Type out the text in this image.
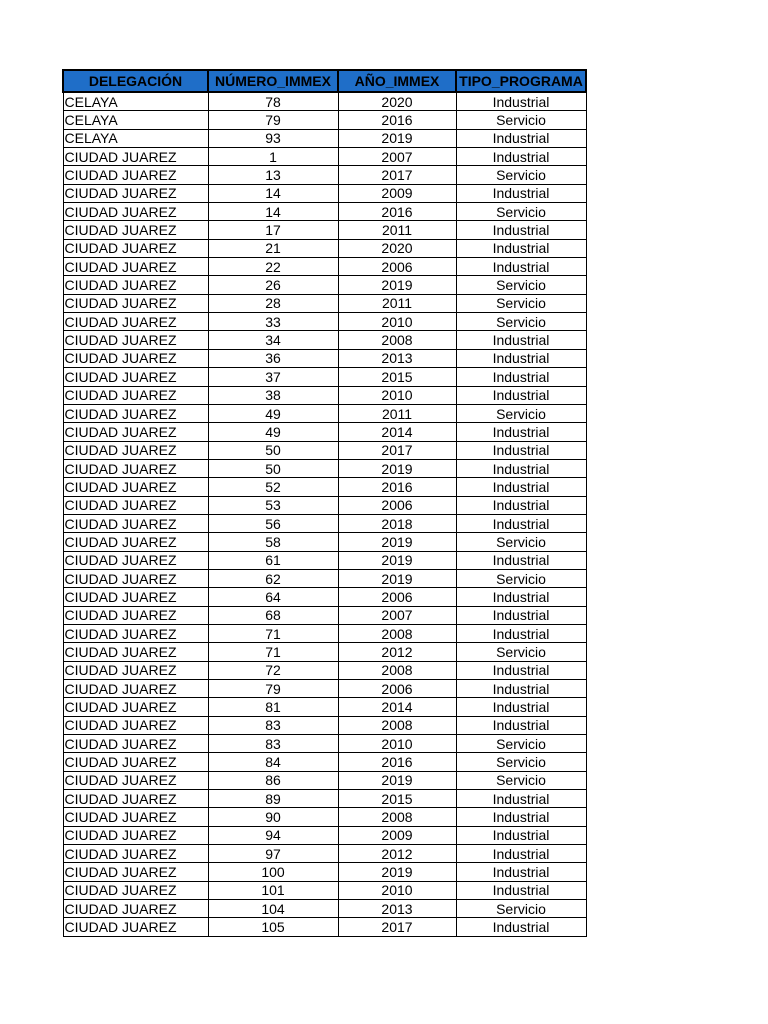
DELEGACIÓN	NÚMERO_IMMEX	AÑO_IMMEX	TIPO_PROGRAMA
CELAYA	78	2020	Industrial
CELAYA	79	2016	Servicio
CELAYA	93	2019	Industrial
CIUDAD JUAREZ	1	2007	Industrial
CIUDAD JUAREZ	13	2017	Servicio
CIUDAD JUAREZ	14	2009	Industrial
CIUDAD JUAREZ	14	2016	Servicio
CIUDAD JUAREZ	17	2011	Industrial
CIUDAD JUAREZ	21	2020	Industrial
CIUDAD JUAREZ	22	2006	Industrial
CIUDAD JUAREZ	26	2019	Servicio
CIUDAD JUAREZ	28	2011	Servicio
CIUDAD JUAREZ	33	2010	Servicio
CIUDAD JUAREZ	34	2008	Industrial
CIUDAD JUAREZ	36	2013	Industrial
CIUDAD JUAREZ	37	2015	Industrial
CIUDAD JUAREZ	38	2010	Industrial
CIUDAD JUAREZ	49	2011	Servicio
CIUDAD JUAREZ	49	2014	Industrial
CIUDAD JUAREZ	50	2017	Industrial
CIUDAD JUAREZ	50	2019	Industrial
CIUDAD JUAREZ	52	2016	Industrial
CIUDAD JUAREZ	53	2006	Industrial
CIUDAD JUAREZ	56	2018	Industrial
CIUDAD JUAREZ	58	2019	Servicio
CIUDAD JUAREZ	61	2019	Industrial
CIUDAD JUAREZ	62	2019	Servicio
CIUDAD JUAREZ	64	2006	Industrial
CIUDAD JUAREZ	68	2007	Industrial
CIUDAD JUAREZ	71	2008	Industrial
CIUDAD JUAREZ	71	2012	Servicio
CIUDAD JUAREZ	72	2008	Industrial
CIUDAD JUAREZ	79	2006	Industrial
CIUDAD JUAREZ	81	2014	Industrial
CIUDAD JUAREZ	83	2008	Industrial
CIUDAD JUAREZ	83	2010	Servicio
CIUDAD JUAREZ	84	2016	Servicio
CIUDAD JUAREZ	86	2019	Servicio
CIUDAD JUAREZ	89	2015	Industrial
CIUDAD JUAREZ	90	2008	Industrial
CIUDAD JUAREZ	94	2009	Industrial
CIUDAD JUAREZ	97	2012	Industrial
CIUDAD JUAREZ	100	2019	Industrial
CIUDAD JUAREZ	101	2010	Industrial
CIUDAD JUAREZ	104	2013	Servicio
CIUDAD JUAREZ	105	2017	Industrial
